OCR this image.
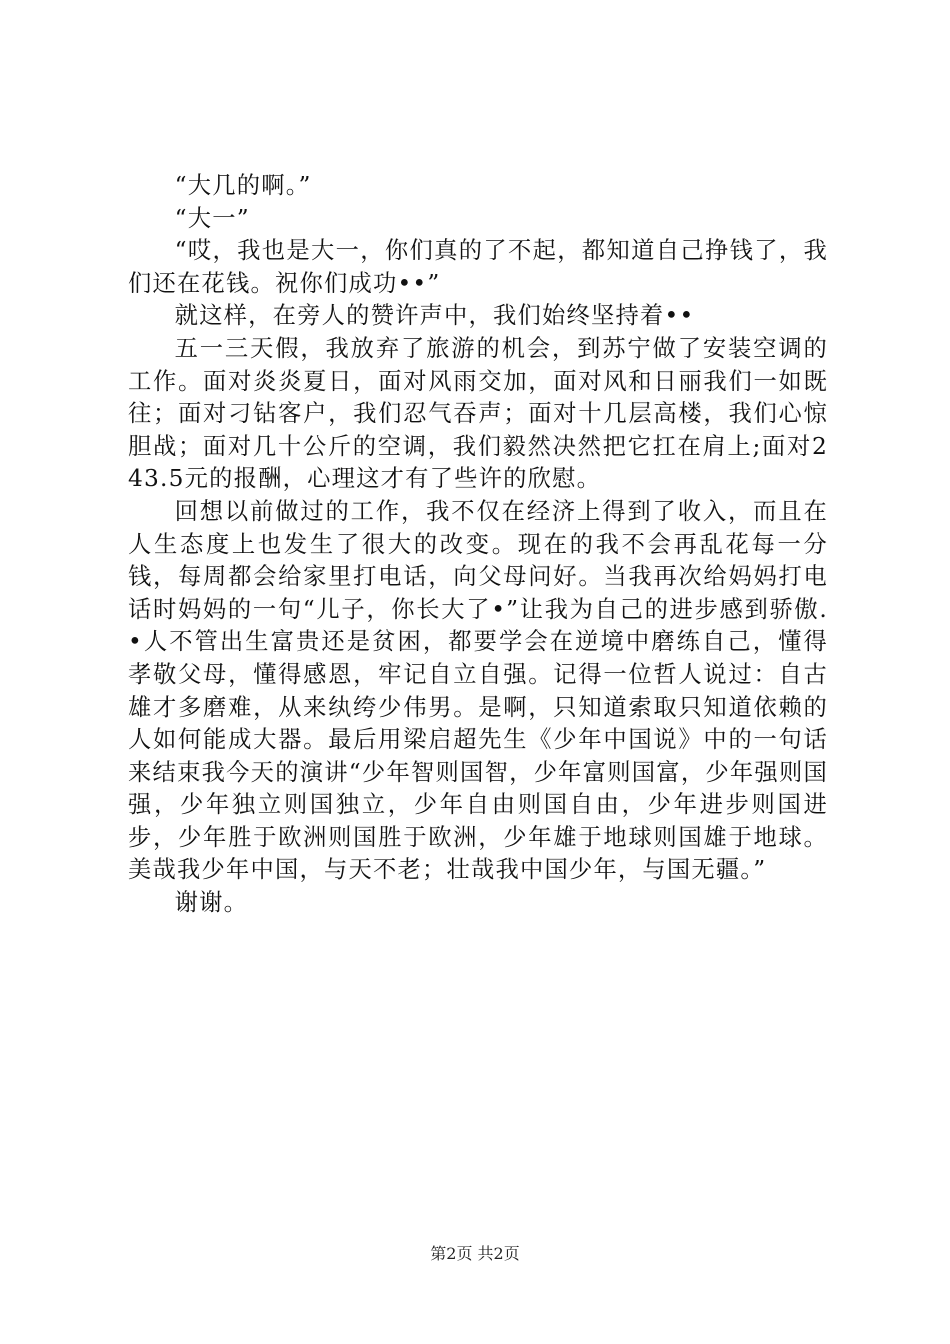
“大几的啊。”

“大一”

“哎，我也是大一，你们真的了不起，都知道自己挣钱了，我们还在花钱。祝你们成功••”

就这样，在旁人的赞许声中，我们始终坚持着••

五一三天假，我放弃了旅游的机会，到苏宁做了安装空调的工作。面对炎炎夏日，面对风雨交加，面对风和日丽我们一如既往；面对刁钻客户，我们忍气吞声；面对十几层高楼，我们心惊胆战；面对几十公斤的空调，我们毅然决然把它扛在肩上;面对243.5元的报酬，心理这才有了些许的欣慰。

回想以前做过的工作，我不仅在经济上得到了收入，而且在人生态度上也发生了很大的改变。现在的我不会再乱花每一分钱，每周都会给家里打电话，向父母问好。当我再次给妈妈打电话时妈妈的一句“儿子，你长大了•”让我为自己的进步感到骄傲.•人不管出生富贵还是贫困，都要学会在逆境中磨练自己，懂得孝敬父母，懂得感恩，牢记自立自强。记得一位哲人说过：自古雄才多磨难，从来纨绔少伟男。是啊，只知道索取只知道依赖的人如何能成大器。最后用梁启超先生《少年中国说》中的一句话来结束我今天的演讲“少年智则国智，少年富则国富，少年强则国强，少年独立则国独立，少年自由则国自由，少年进步则国进步，少年胜于欧洲则国胜于欧洲，少年雄于地球则国雄于地球。美哉我少年中国，与天不老；壮哉我中国少年，与国无疆。”

谢谢。

第2页 共2页
